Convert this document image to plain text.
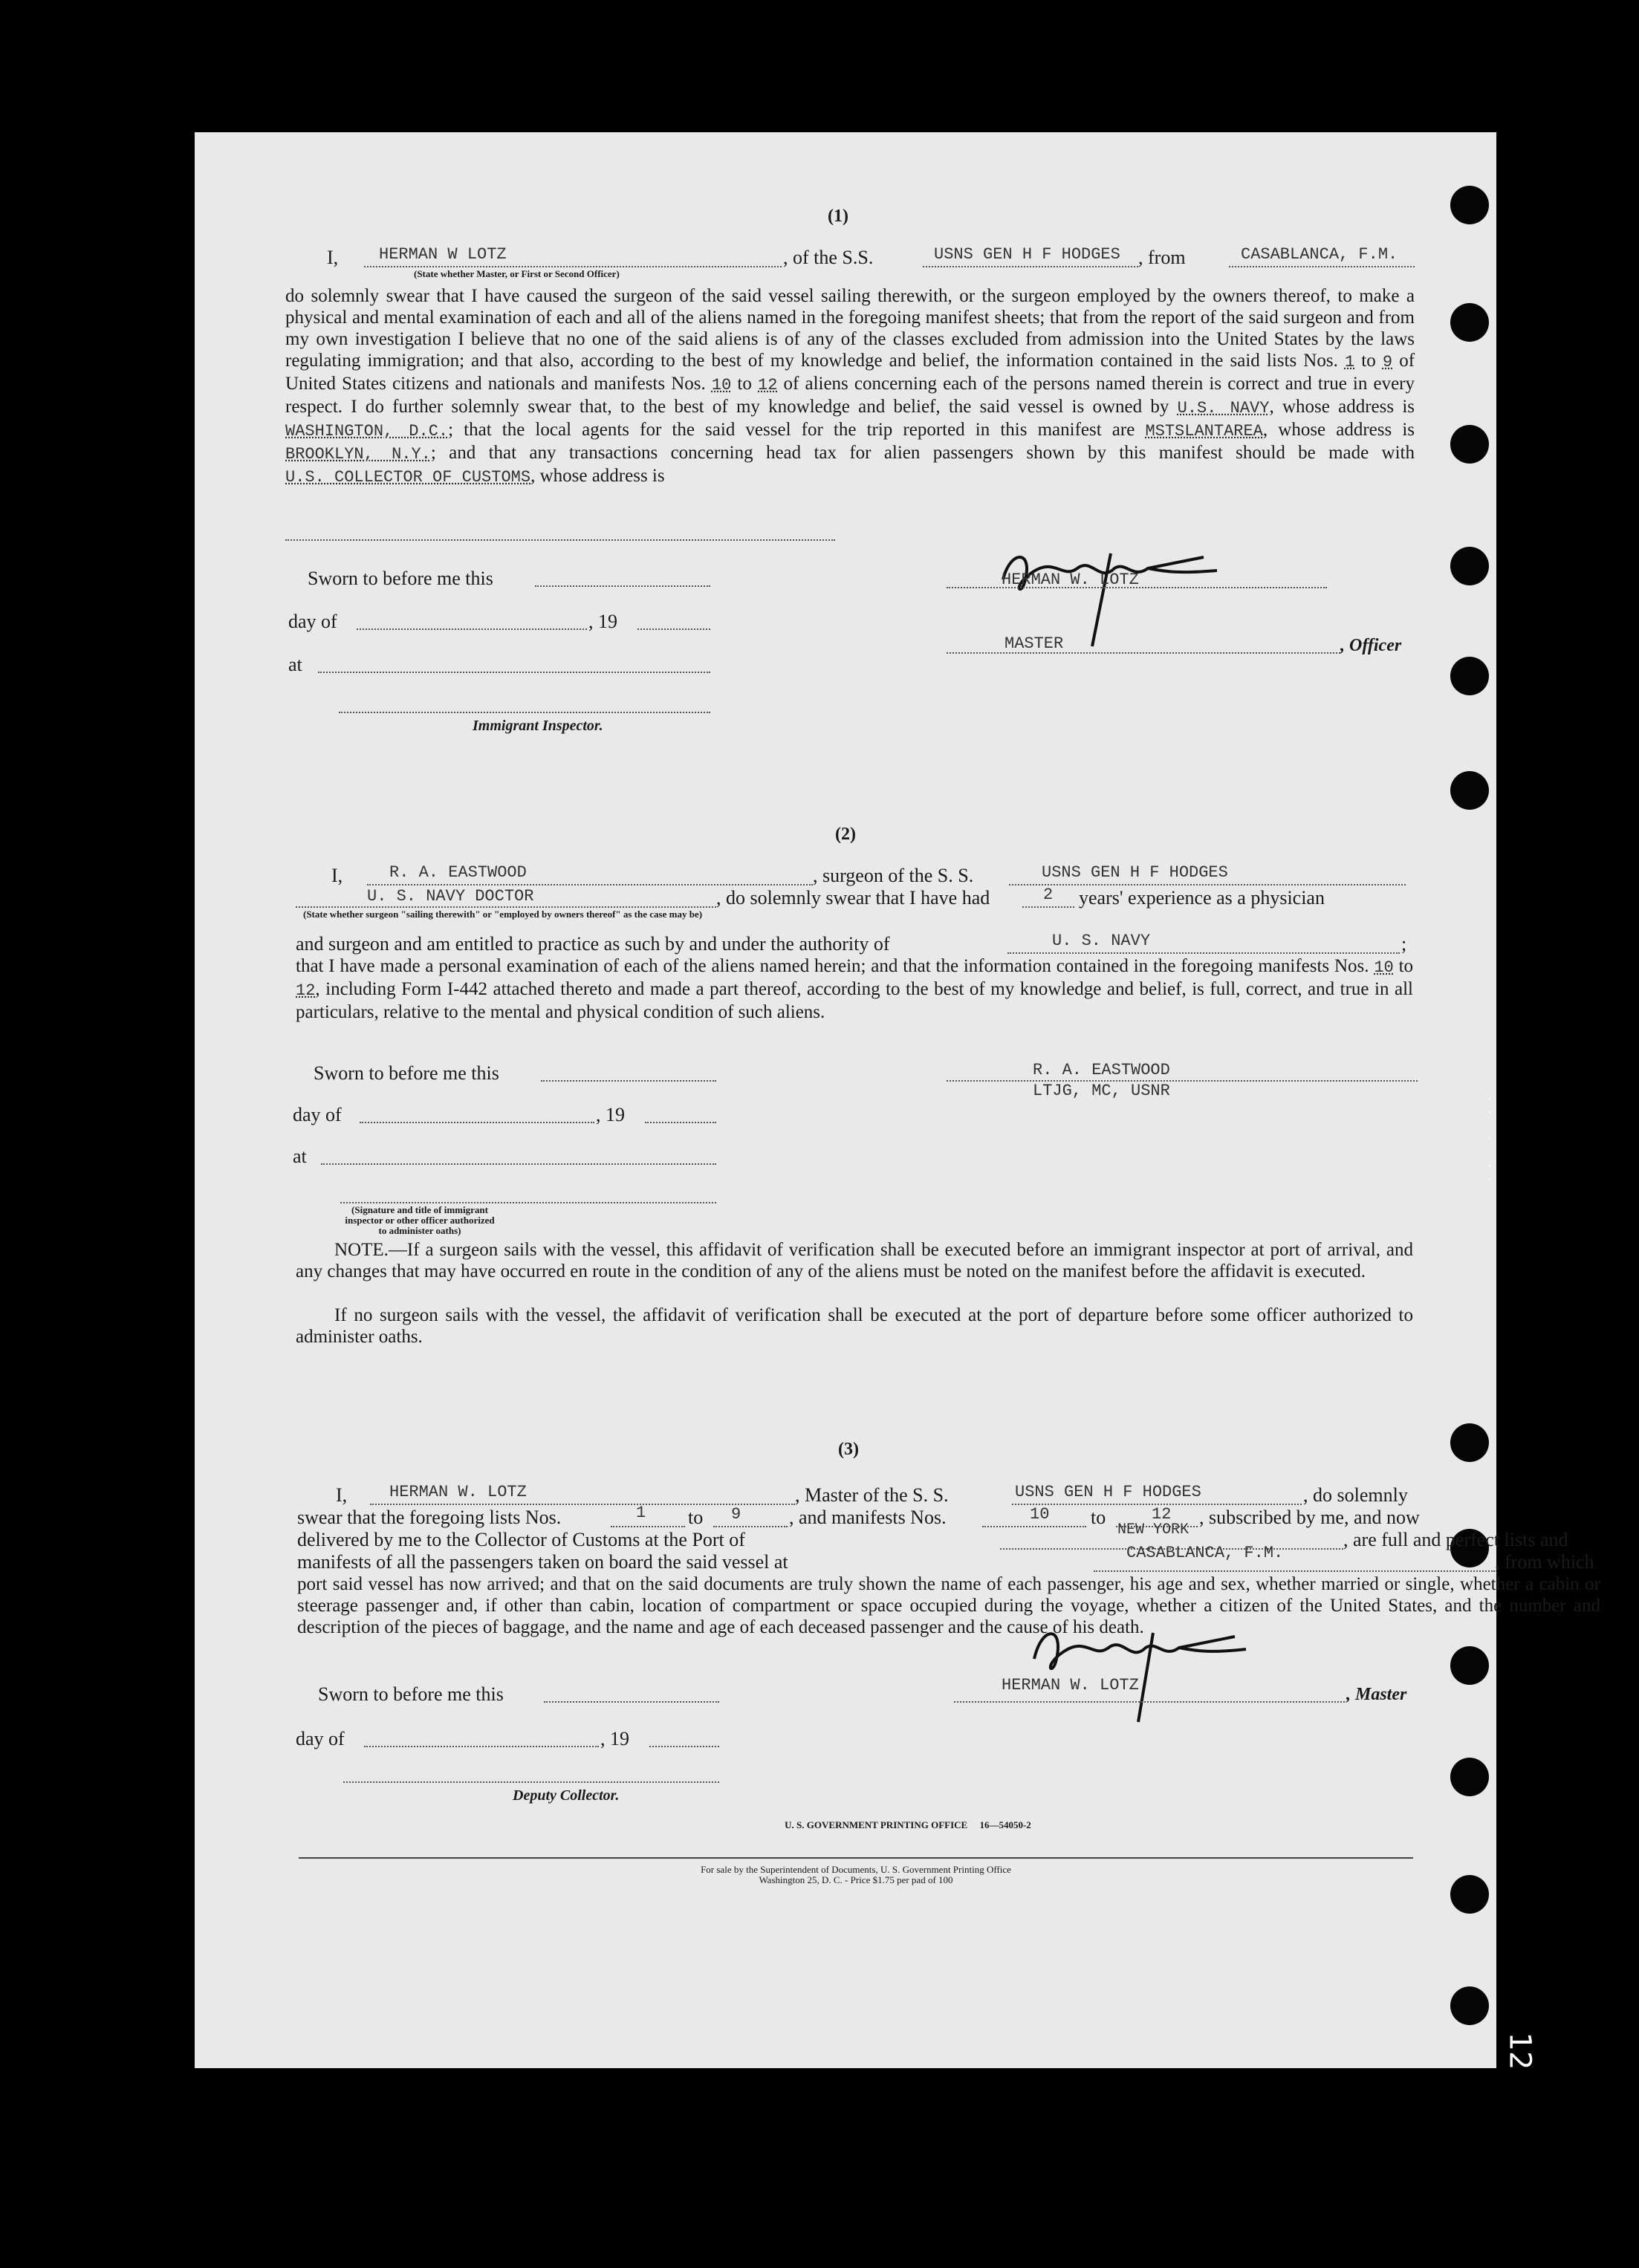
(1)
I, HERMAN W LOTZ
(State whether Master, or First or Second Officer)
, of the S.S.	USNS GEN H F HODGES , from	CASABLANCA, F.M.
do solemnly swear that I have caused the surgeon of the said vessel sailing therewith, or the surgeon employed by the owners thereof, to make a physical and mental examination of each and all of the aliens named in the foregoing manifest sheets; that from the report of the said surgeon and from my own investigation I believe that no one of the said aliens is of any of the classes excluded from admission into the United States by the laws regulating immigration; and that also, according to the best of my knowledge and belief, the information contained in the said lists Nos. 1 to 9 of United States citizens and nationals and manifests Nos. 10 to 12 of aliens concerning each of the persons named therein is correct and true in every respect. I do further solemnly swear that, to the best of my knowledge and belief, the said vessel is owned by U.S. NAVY, whose address is WASHINGTON, D.C.; that the local agents for the said vessel for the trip reported in this manifest are MSTSLANTAREA, whose address is BROOKLYN, N.Y.; and that any transactions concerning head tax for alien passengers shown by this manifest should be made with U.S. COLLECTOR OF CUSTOMS, whose address is
Sworn to before me this
day of	, 19
at
Immigrant Inspector.
HERMAN W. LOTZ
MASTER	, Officer
(2)
I,	R. A. EASTWOOD	, surgeon of the S. S.	USNS GEN H F HODGES
U. S. NAVY DOCTOR	, do solemnly swear that I have had	2 years' experience as a physician
(State whether surgeon "sailing therewith" or "employed by owners thereof" as the case may be)
and surgeon and am entitled to practice as such by and under the authority of	U. S. NAVY	;
that I have made a personal examination of each of the aliens named herein; and that the information contained in the foregoing manifests Nos. 10 to 12, including Form I-442 attached thereto and made a part thereof, according to the best of my knowledge and belief, is full, correct, and true in all particulars, relative to the mental and physical condition of such aliens.
Sworn to before me this
day of	, 19
at
(Signature and title of immigrant inspector or other officer authorized to administer oaths)
R. A. EASTWOOD
LTJG, MC, USNR
NOTE.—If a surgeon sails with the vessel, this affidavit of verification shall be executed before an immigrant inspector at port of arrival, and any changes that may have occurred en route in the condition of any of the aliens must be noted on the manifest before the affidavit is executed.
If no surgeon sails with the vessel, the affidavit of verification shall be executed at the port of departure before some officer authorized to administer oaths.
(3)
I,	HERMAN W. LOTZ	, Master of the S. S.	USNS GEN H F HODGES	, do solemnly
swear that the foregoing lists Nos.	1 to 9 , and manifests Nos.	10 to	12 , subscribed by me, and now
delivered by me to the Collector of Customs at the Port of	NEW YORK	, are full and perfect lists and
manifests of all the passengers taken on board the said vessel at	CASABLANCA, F.M.	, from which
port said vessel has now arrived; and that on the said documents are truly shown the name of each passenger, his age and sex, whether married or single, whether a cabin or steerage passenger and, if other than cabin, location of compartment or space occupied during the voyage, whether a citizen of the United States, and the number and description of the pieces of baggage, and the name and age of each deceased passenger and the cause of his death.
Sworn to before me this
day of	, 19
Deputy Collector.
HERMAN W. LOTZ	, Master
U. S. GOVERNMENT PRINTING OFFICE     16—54050-2
For sale by the Superintendent of Documents, U. S. Government Printing Office
Washington 25, D. C. - Price $1.75 per pad of 100
·
·

·

·
·
12
